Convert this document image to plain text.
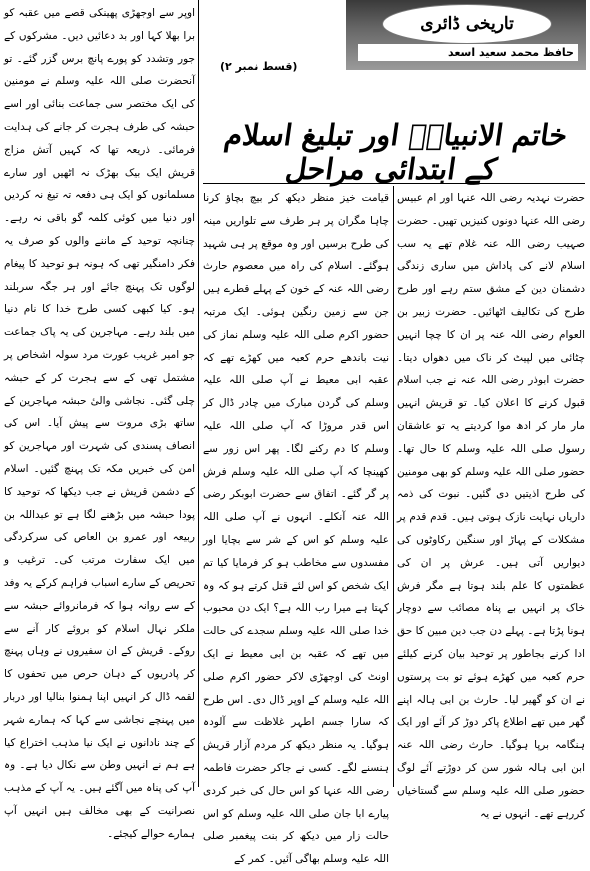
اوپر سے اوجھڑی پھینکی قصے میں عقبہ کو برا بھلا کہا اور بد دعائیں دیں۔ مشرکوں کے جور وتشدد کو پورے پانچ برس گزر گئے۔ تو آنحضرت صلی اللہ علیہ وسلم نے مومنین کی ایک مختصر سی جماعت بنائی اور اسے حبشہ کی طرف ہجرت کر جانے کی ہدایت فرمائی۔ ذریعہ تھا کہ کہیں آتش مزاج قریش ایک بیک بھڑک نہ اٹھیں اور سارے مسلمانوں کو ایک ہی دفعہ تہ تیغ نہ کردیں اور دنیا میں کوئی کلمہ گو باقی نہ رہے۔ چنانچہ توحید کے ماننے والوں کو صرف یہ فکر دامنگیر تھی کہ ہونہ ہو توحید کا پیغام لوگوں تک پہنچ جائے اور ہر جگہ سربلند ہو۔ کیا کبھی کسی طرح خدا کا نام دنیا میں بلند رہے۔ مہاجرین کی یہ پاک جماعت جو امیر غریب عورت مرد سولہ اشخاص پر مشتمل تھی کے سے ہجرت کر کے حبشہ چلی گئی۔ نجاشی والیٔ حبشہ مہاجرین کے ساتھ بڑی مروت سے پیش آیا۔ اس کی انصاف پسندی کی شہرت اور مہاجرین کو امن کی خبریں مکہ تک پہنچ گئیں۔ اسلام کے دشمن قریش نے جب دیکھا کہ توحید کا پودا حبشہ میں بڑھنے لگا ہے تو عبداللہ بن ربیعہ اور عمرو بن العاص کی سرکردگی میں ایک سفارت مرتب کی۔ ترغیب و تحریص کے سارے اسباب فراہم کرکے یہ وفد کے سے روانہ ہوا کہ فرمانروائے حبشہ سے ملکر نہال اسلام کو بروئے کار آنے سے روکے۔ قریش کے ان سفیروں نے وہاں پہنچ کر پادریوں کے دہان حرص میں تحفوں کا لقمہ ڈال کر انہیں اپنا ہمنوا بنالیا اور دربار میں پہنچے نجاشی سے کہا کہ ہمارے شہر کے چند نادانوں نے ایک نیا مذہب اختراع کیا ہے ہم نے انہیں وطن سے نکال دیا ہے۔ وہ آپ کی پناہ میں آگئے ہیں۔ یہ آپ کے مذہب نصرانیت کے بھی مخالف ہیں انہیں آپ ہمارے حوالے کیجئے۔

تاریخی ڈائری
حافظ محمد سعید اسعد
(قسط نمبر ۲)
خاتم الانبیاءؐ اور تبلیغ اسلام کے ابتدائی مراحل

قیامت خیز منظر دیکھ کر بیچ بچاؤ کرنا چاہا مگران پر ہر طرف سے تلواریں مینہ کی طرح برسیں اور وہ موقع پر ہی شہید ہوگئے۔ اسلام کی راہ میں معصوم حارث رضی اللہ عنہ کے خون کے پہلے قطرے ہیں جن سے زمین رنگین ہوئی۔ ایک مرتبہ حضور اکرم صلی اللہ علیہ وسلم نماز کی نیت باندھے حرم کعبہ میں کھڑے تھے کہ عقبہ ابی معیط نے آپ صلی اللہ علیہ وسلم کی گردن مبارک میں چادر ڈال کر اس قدر مروڑا کہ آپ صلی اللہ علیہ وسلم کا دم رکنے لگا۔ پھر اس زور سے کھینچا کہ آپ صلی اللہ علیہ وسلم فرش پر گر گئے۔ اتفاق سے حضرت ابوبکر رضی اللہ عنہ آنکلے۔ انہوں نے آپ صلی اللہ علیہ وسلم کو اس کے شر سے بچایا اور مفسدوں سے مخاطب ہو کر فرمایا کیا تم ایک شخص کو اس لئے قتل کرتے ہو کہ وہ کہتا ہے میرا رب اللہ ہے؟ ایک دن محبوب خدا صلی اللہ علیہ وسلم سجدے کی حالت میں تھے کہ عقبہ بن ابی معیط نے ایک اونٹ کی اوجھڑی لاکر حضور اکرم صلی اللہ علیہ وسلم کے اوپر ڈال دی۔ اس طرح کہ سارا جسم اطہر غلاظت سے آلودہ ہوگیا۔ یہ منظر دیکھ کر مردم آزار قریش ہنسنے لگے۔ کسی نے جاکر حضرت فاطمہ رضی اللہ عنہا کو اس حال کی خبر کردی پیارے ابا جان صلی اللہ علیہ وسلم کو اس حالت زار میں دیکھ کر بنت پیغمبر صلی اللہ علیہ وسلم بھاگی آئیں۔ کمر کے

حضرت نہدیہ رضی اللہ عنہا اور ام عبیس رضی اللہ عنہا دونوں کنیزیں تھیں۔ حضرت صہیب رضی اللہ عنہ غلام تھے یہ سب اسلام لانے کی پاداش میں ساری زندگی دشمنان دین کے مشق ستم رہے اور طرح طرح کی تکالیف اٹھائیں۔ حضرت زبیر بن العوام رضی اللہ عنہ پر ان کا چچا انہیں چٹائی میں لپیٹ کر ناک میں دھواں دیتا۔ حضرت ابوذر رضی اللہ عنہ نے جب اسلام قبول کرنے کا اعلان کیا۔ تو قریش انہیں مار مار کر ادھ موا کردیتے یہ تو عاشقان رسول صلی اللہ علیہ وسلم کا حال تھا۔ حضور صلی اللہ علیہ وسلم کو بھی مومنین کی طرح اذیتیں دی گئیں۔ نبوت کی ذمہ داریاں نہایت نازک ہوتی ہیں۔ قدم قدم پر مشکلات کے پہاڑ اور سنگین رکاوٹوں کی دیواریں آتی ہیں۔ عرش پر ان کی عظمتوں کا علم بلند ہوتا ہے مگر فرش خاک پر انہیں بے پناہ مصائب سے دوچار ہونا پڑتا ہے۔ پہلے دن جب دین مبین کا حق ادا کرنے بجاطور پر توحید بیان کرنے کیلئے حرم کعبہ میں کھڑے ہوئے تو بت پرستوں نے ان کو گھیر لیا۔ حارث بن ابی ہالہ اپنے گھر میں تھے اطلاع پاکر دوڑ کر آئے اور ایک ہنگامہ برپا ہوگیا۔ حارث رضی اللہ عنہ ابن ابی ہالہ شور سن کر دوڑتے آئے لوگ حضور صلی اللہ علیہ وسلم سے گستاخیاں کررہے تھے۔ انہوں نے یہ
